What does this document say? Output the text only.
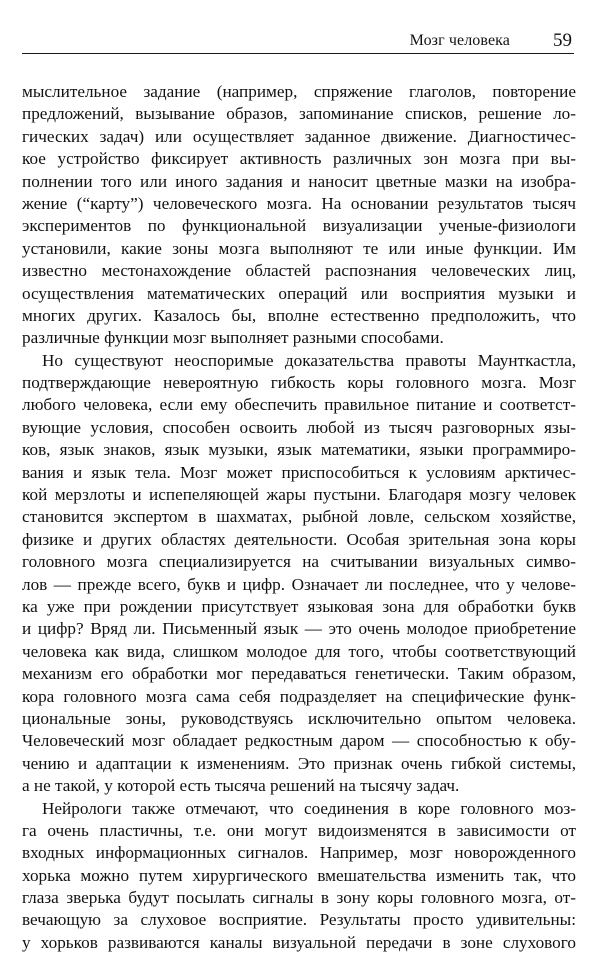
Мозг человека 59
мыслительное задание (например, спряжение глаголов, повторение
предложений, вызывание образов, запоминание списков, решение ло-
гических задач) или осуществляет заданное движение. Диагностичес-
кое устройство фиксирует активность различных зон мозга при вы-
полнении того или иного задания и наносит цветные мазки на изобра-
жение (“карту”) человеческого мозга. На основании результатов тысяч
экспериментов по функциональной визуализации ученые-физиологи
установили, какие зоны мозга выполняют те или иные функции. Им
известно местонахождение областей распознания человеческих лиц,
осуществления математических операций или восприятия музыки и
многих других. Казалось бы, вполне естественно предположить, что
различные функции мозг выполняет разными способами.
Но существуют неоспоримые доказательства правоты Маунткастла,
подтверждающие невероятную гибкость коры головного мозга. Мозг
любого человека, если ему обеспечить правильное питание и соответст-
вующие условия, способен освоить любой из тысяч разговорных язы-
ков, язык знаков, язык музыки, язык математики, языки программиро-
вания и язык тела. Мозг может приспособиться к условиям арктичес-
кой мерзлоты и испепеляющей жары пустыни. Благодаря мозгу человек
становится экспертом в шахматах, рыбной ловле, сельском хозяйстве,
физике и других областях деятельности. Особая зрительная зона коры
головного мозга специализируется на считывании визуальных симво-
лов — прежде всего, букв и цифр. Означает ли последнее, что у челове-
ка уже при рождении присутствует языковая зона для обработки букв
и цифр? Вряд ли. Письменный язык — это очень молодое приобретение
человека как вида, слишком молодое для того, чтобы соответствующий
механизм его обработки мог передаваться генетически. Таким образом,
кора головного мозга сама себя подразделяет на специфические функ-
циональные зоны, руководствуясь исключительно опытом человека.
Человеческий мозг обладает редкостным даром — способностью к обу-
чению и адаптации к изменениям. Это признак очень гибкой системы,
а не такой, у которой есть тысяча решений на тысячу задач.
Нейрологи также отмечают, что соединения в коре головного моз-
га очень пластичны, т.е. они могут видоизменятся в зависимости от
входных информационных сигналов. Например, мозг новорожденного
хорька можно путем хирургического вмешательства изменить так, что
глаза зверька будут посылать сигналы в зону коры головного мозга, от-
вечающую за слуховое восприятие. Результаты просто удивительны:
у хорьков развиваются каналы визуальной передачи в зоне слухового
